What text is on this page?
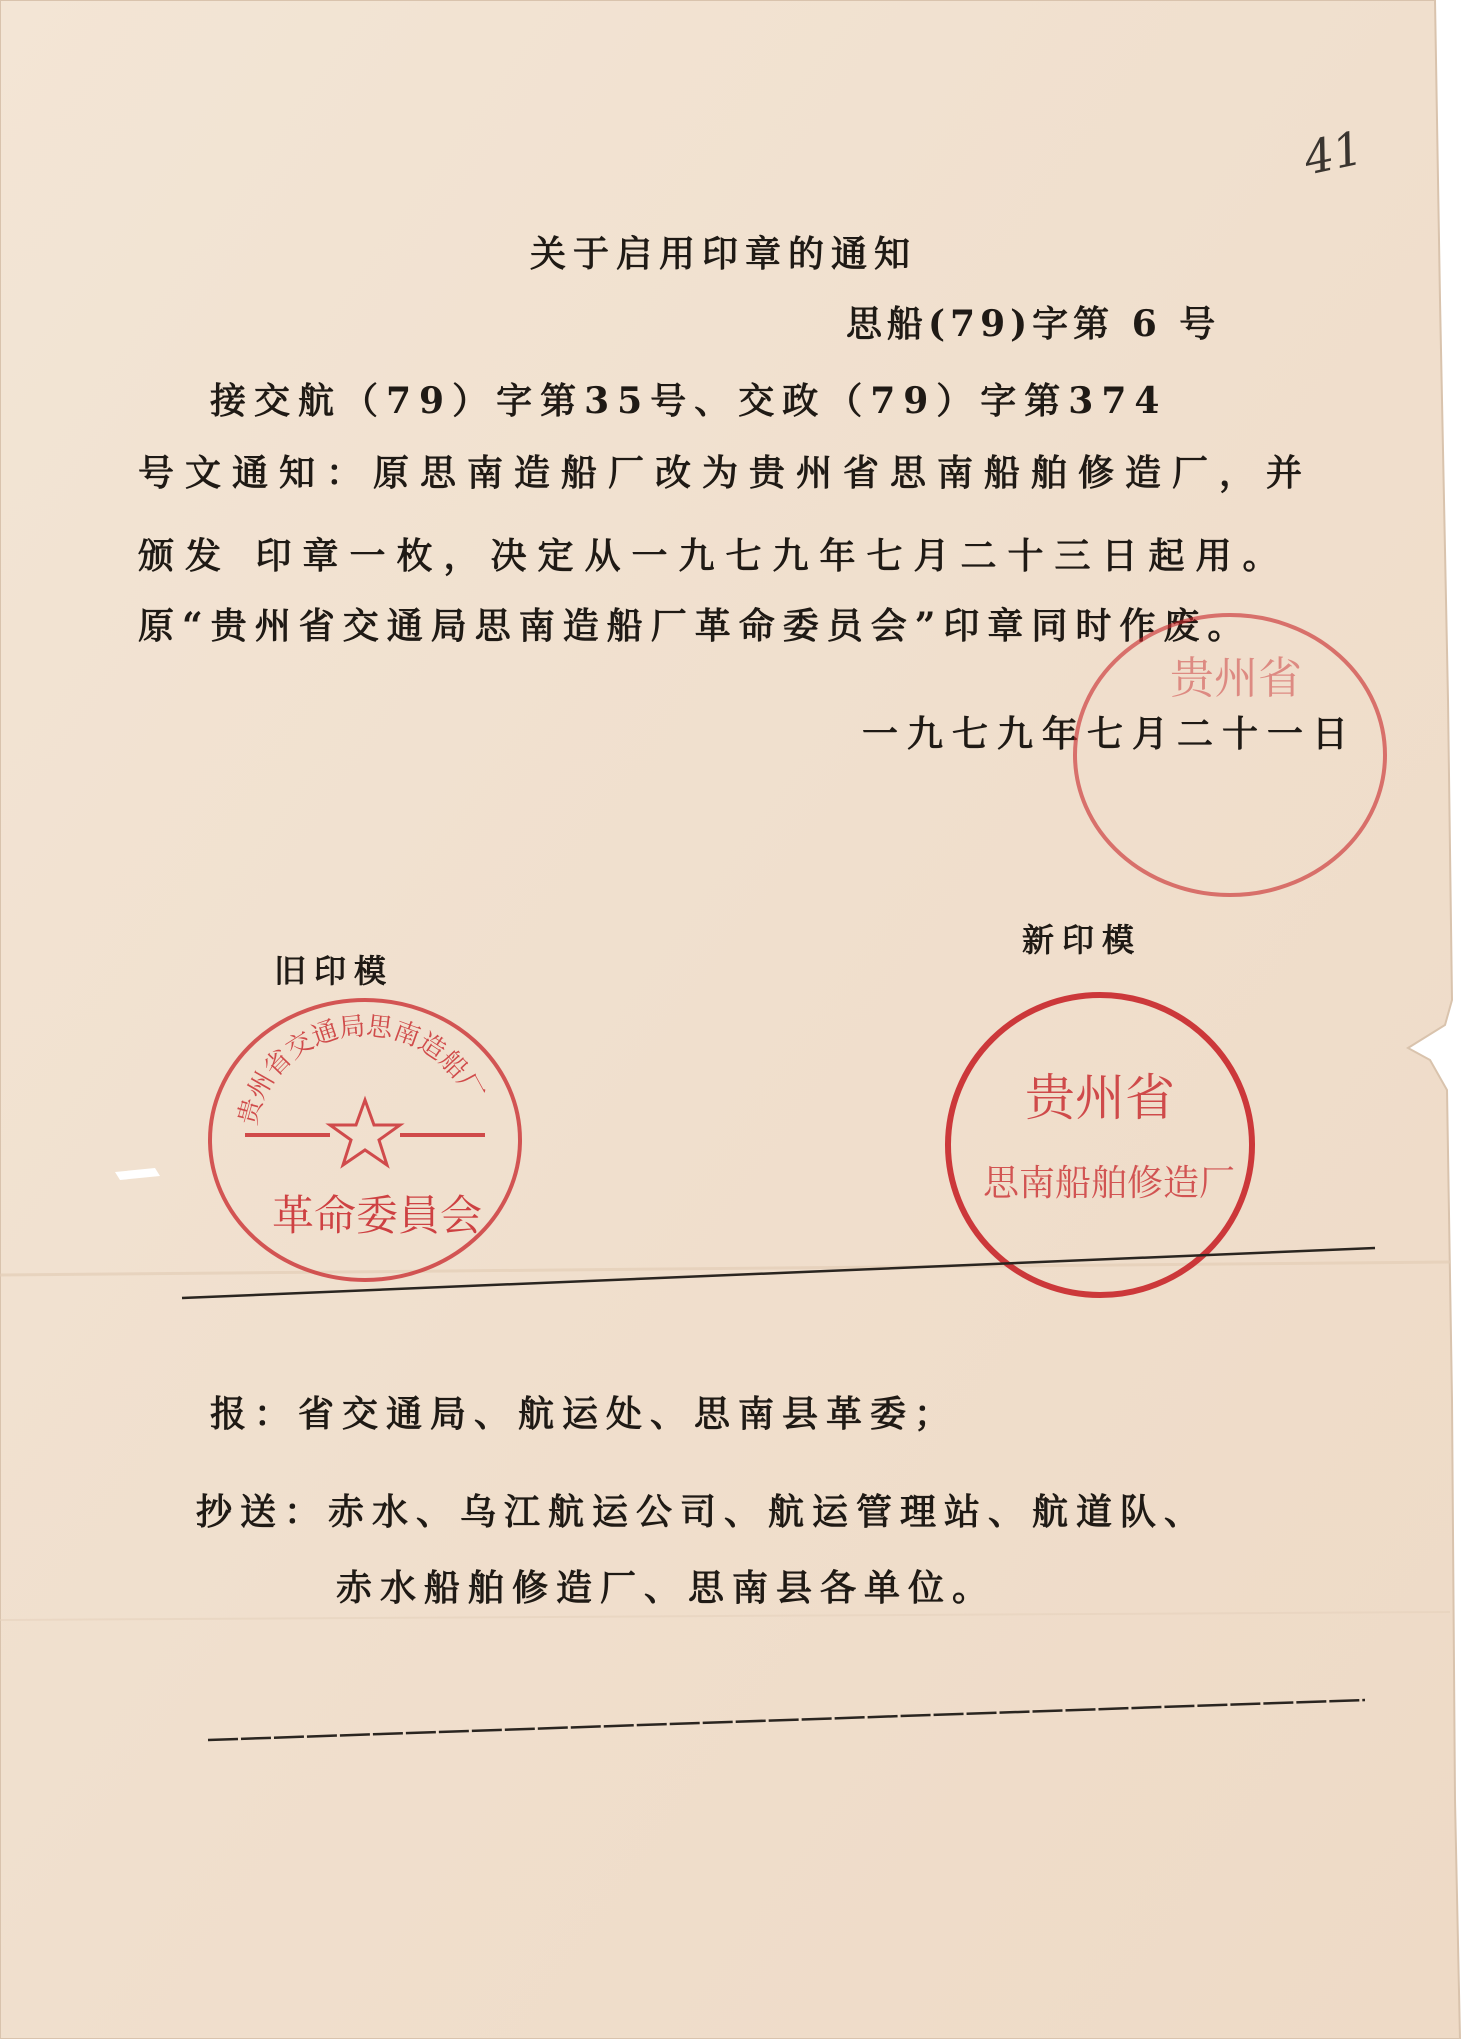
41
关于启用印章的通知
思船(79)字第 6 号

接交航（79）字第35号、交政（79）字第374

号文通知：原思南造船厂改为贵州省思南船舶修造厂，并

颁发 印章一枚，决定从一九七九年七月二十三日起用。

原“贵州省交通局思南造船厂革命委员会”印章同时作废。

一九七九年七月二十一日
贵州省
旧印模
新印模
贵州省交通局思南造船厂
革命委員会
贵州省
思南船舶修造厂
报：省交通局、航运处、思南县革委；
抄送：赤水、乌江航运公司、航运管理站、航道队、
赤水船舶修造厂、思南县各单位。
